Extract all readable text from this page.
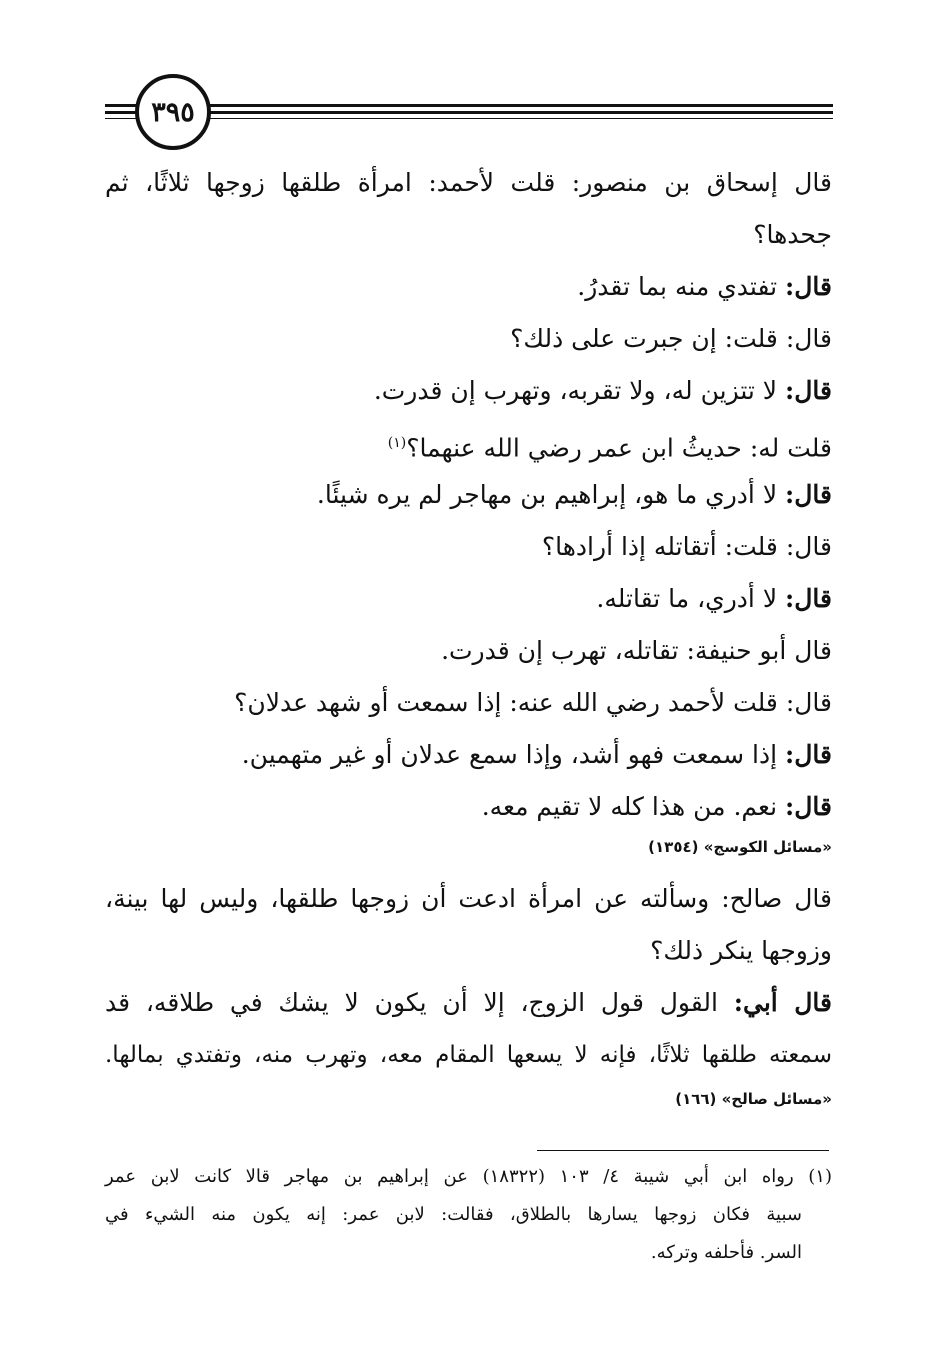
٣٩٥
قال إسحاق بن منصور: قلت لأحمد: امرأة طلقها زوجها ثلاثًا، ثم
جحدها؟
قال: تفتدي منه بما تقدرُ.
قال: قلت: إن جبرت على ذلك؟
قال: لا تتزين له، ولا تقربه، وتهرب إن قدرت.
قلت له: حديثُ ابن عمر رضي الله عنهما؟$^{(١)}$
قال: لا أدري ما هو، إبراهيم بن مهاجر لم يره شيئًا.
قال: قلت: أتقاتله إذا أرادها؟
قال: لا أدري، ما تقاتله.
قال أبو حنيفة: تقاتله، تهرب إن قدرت.
قال: قلت لأحمد رضي الله عنه: إذا سمعت أو شهد عدلان؟
قال: إذا سمعت فهو أشد، وإذا سمع عدلان أو غير متهمين.
قال: نعم. من هذا كله لا تقيم معه.
قال صالح: وسألته عن امرأة ادعت أن زوجها طلقها، وليس لها بينة،
وزوجها ينكر ذلك؟
قال أبي: القول قول الزوج، إلا أن يكون لا يشك في طلاقه، قد
سمعته طلقها ثلاثًا، فإنه لا يسعها المقام معه، وتهرب منه، وتفتدي بمالها.
«مسائل الكوسج» (١٣٥٤)
«مسائل صالح» (١٦٦)
(١) رواه ابن أبي شيبة ٤/ ١٠٣ (١٨٣٢٢) عن إبراهيم بن مهاجر قالا كانت لابن عمر
سبية فكان زوجها يسارها بالطلاق، فقالت: لابن عمر: إنه يكون منه الشيء في
السر. فأحلفه وتركه.
